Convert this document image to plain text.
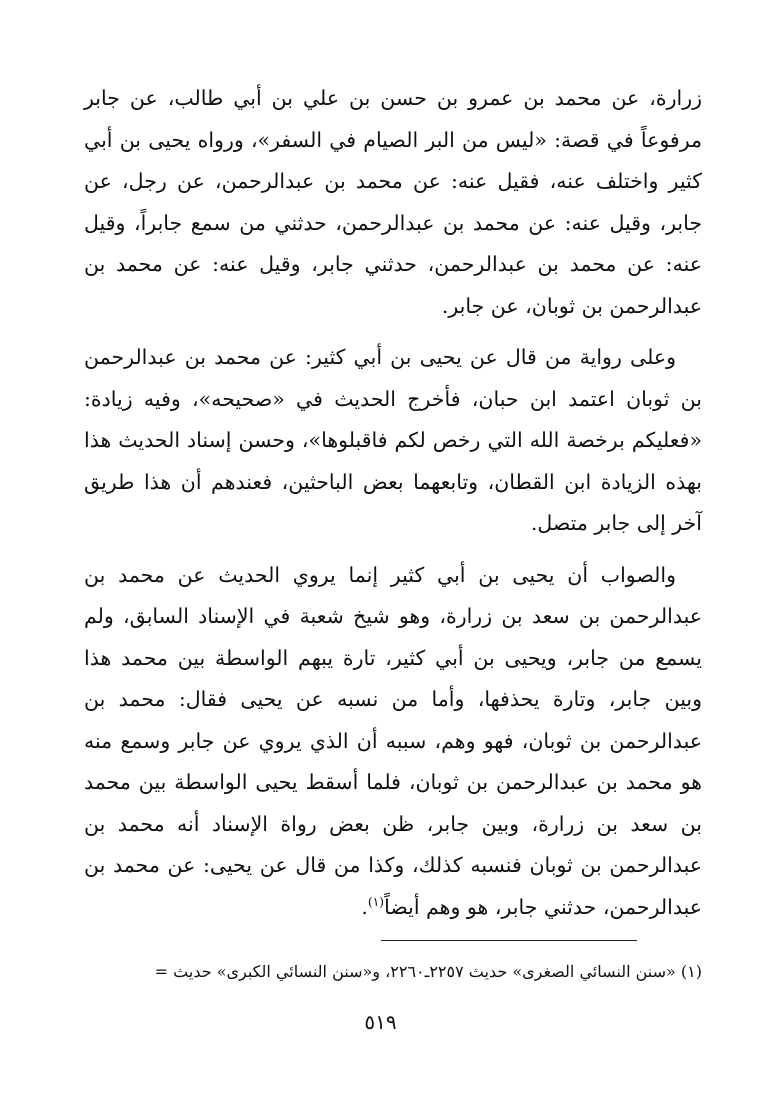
زرارة، عن محمد بن عمرو بن حسن بن علي بن أبي طالب، عن جابر مرفوعاً في قصة: «ليس من البر الصيام في السفر»، ورواه يحيى بن أبي كثير واختلف عنه، فقيل عنه: عن محمد بن عبدالرحمن، عن رجل، عن جابر، وقيل عنه: عن محمد بن عبدالرحمن، حدثني من سمع جابراً، وقيل عنه: عن محمد بن عبدالرحمن، حدثني جابر، وقيل عنه: عن محمد بن عبدالرحمن بن ثوبان، عن جابر.

وعلى رواية من قال عن يحيى بن أبي كثير: عن محمد بن عبدالرحمن بن ثوبان اعتمد ابن حبان، فأخرج الحديث في «صحيحه»، وفيه زيادة: «فعليكم برخصة الله التي رخص لكم فاقبلوها»، وحسن إسناد الحديث هذا بهذه الزيادة ابن القطان، وتابعهما بعض الباحثين، فعندهم أن هذا طريق آخر إلى جابر متصل.

والصواب أن يحيى بن أبي كثير إنما يروي الحديث عن محمد بن عبدالرحمن بن سعد بن زرارة، وهو شيخ شعبة في الإسناد السابق، ولم يسمع من جابر، ويحيى بن أبي كثير، تارة يبهم الواسطة بين محمد هذا وبين جابر، وتارة يحذفها، وأما من نسبه عن يحيى فقال: محمد بن عبدالرحمن بن ثوبان، فهو وهم، سببه أن الذي يروي عن جابر وسمع منه هو محمد بن عبدالرحمن بن ثوبان، فلما أسقط يحيى الواسطة بين محمد بن سعد بن زرارة، وبين جابر، ظن بعض رواة الإسناد أنه محمد بن عبدالرحمن بن ثوبان فنسبه كذلك، وكذا من قال عن يحيى: عن محمد بن عبدالرحمن، حدثني جابر، هو وهم أيضاً$^{(١)}$.

(١) «سنن النسائي الصغرى» حديث ٢٢٥٧ـ٢٢٦٠، و«سنن النسائي الكبرى» حديث =
٥١٩
